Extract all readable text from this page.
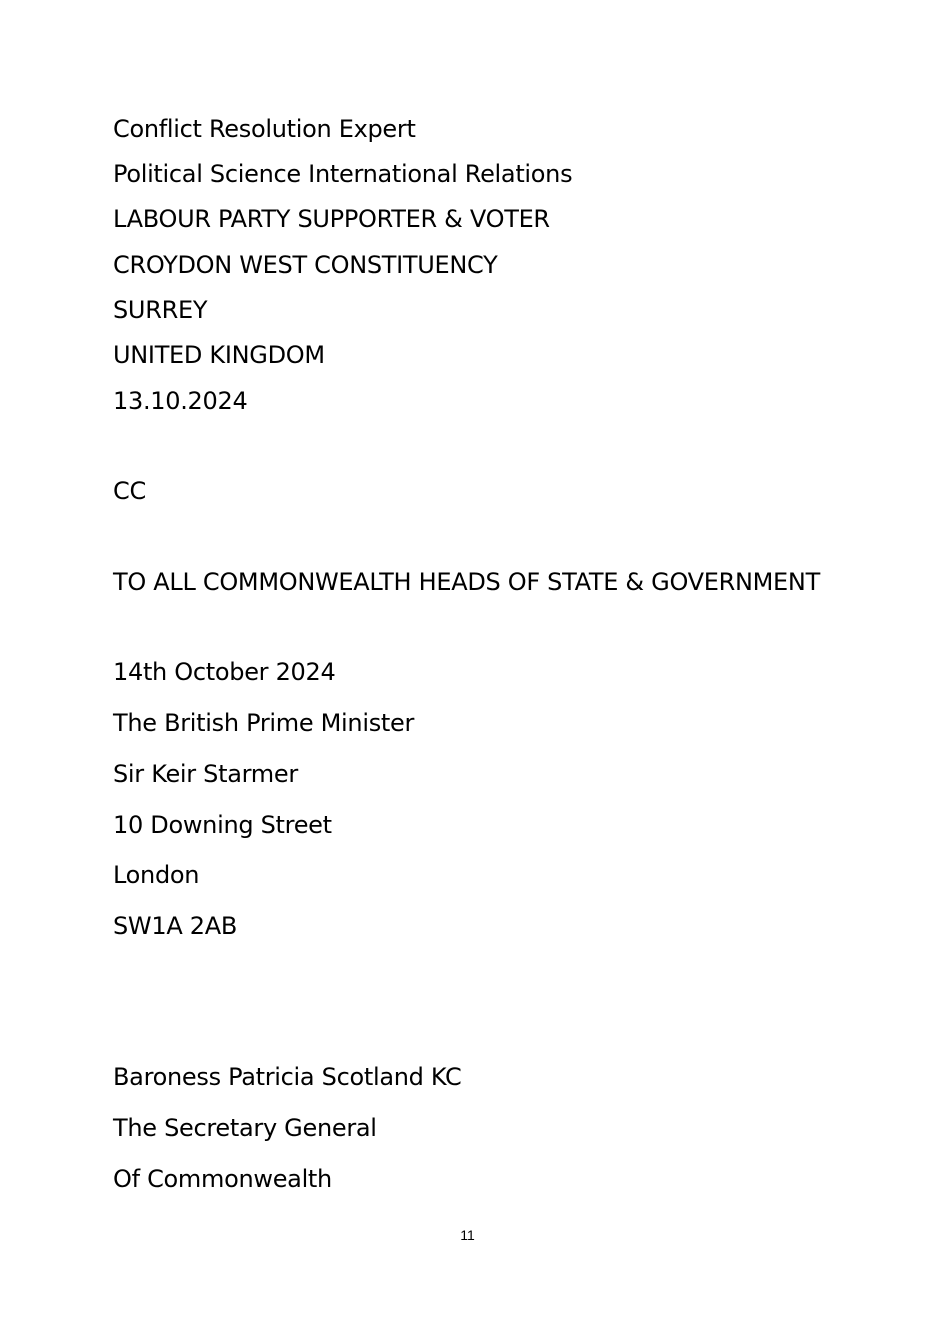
Conflict Resolution Expert
Political Science International Relations
LABOUR PARTY SUPPORTER & VOTER
CROYDON WEST CONSTITUENCY
SURREY
UNITED KINGDOM
13.10.2024
CC
TO ALL COMMONWEALTH HEADS OF STATE & GOVERNMENT
14th October 2024
The British Prime Minister
Sir Keir Starmer
10 Downing Street
London
SW1A 2AB
Baroness Patricia Scotland KC
The Secretary General
Of Commonwealth
11
